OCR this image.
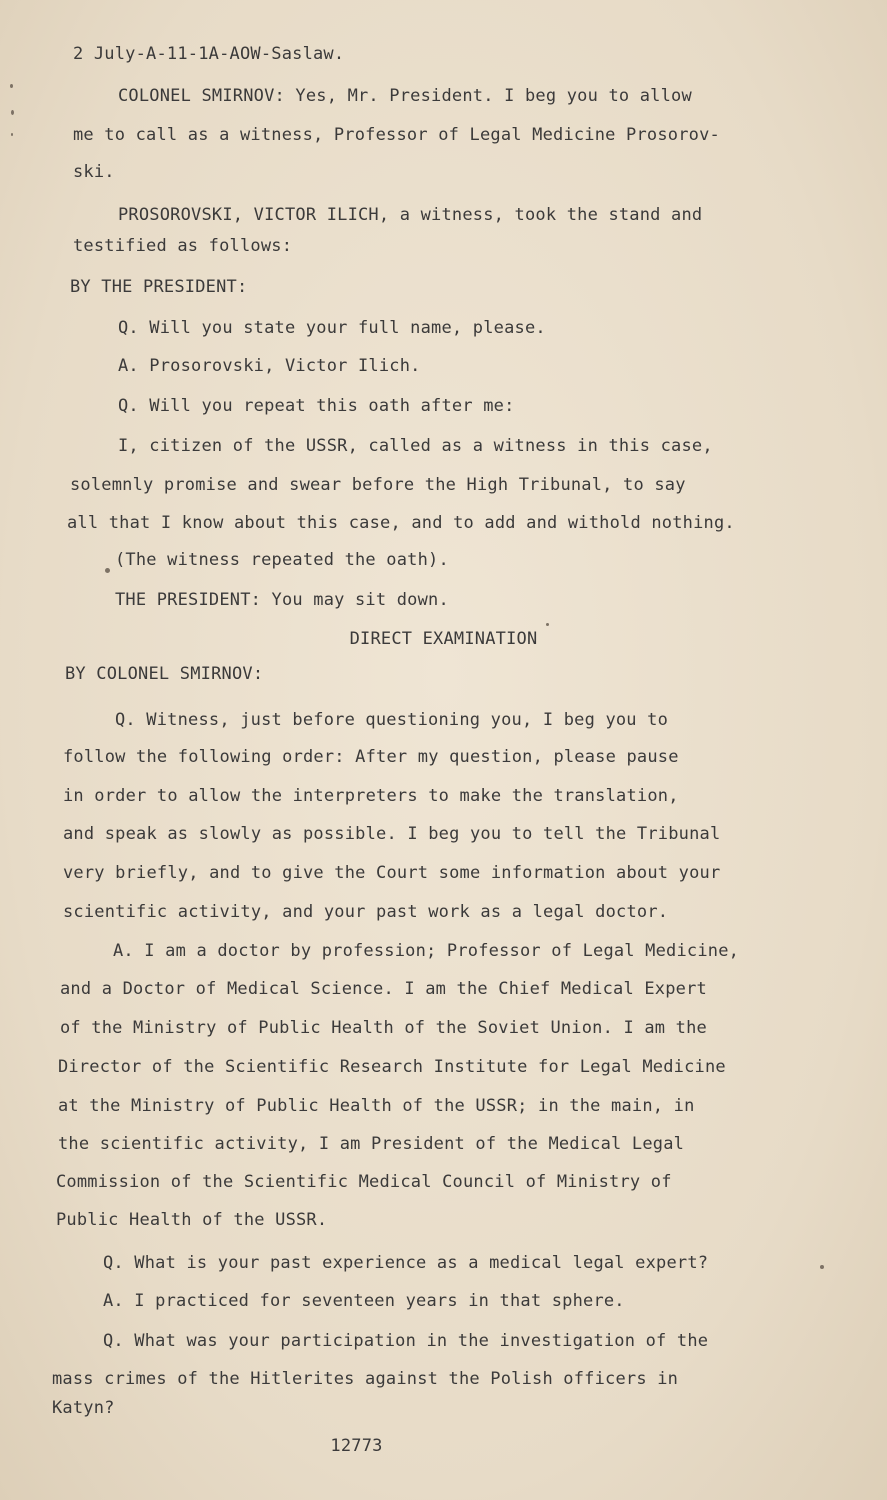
2 July-A-11-1A-AOW-Saslaw.
COLONEL SMIRNOV: Yes, Mr. President. I beg you to allow
me to call as a witness, Professor of Legal Medicine Prosorov-
ski.
PROSOROVSKI, VICTOR ILICH, a witness, took the stand and
testified as follows:
BY THE PRESIDENT:
Q. Will you state your full name, please.
A. Prosorovski, Victor Ilich.
Q. Will you repeat this oath after me:
I, citizen of the USSR, called as a witness in this case,
solemnly promise and swear before the High Tribunal, to say
all that I know about this case, and to add and withold nothing.
(The witness repeated the oath).
THE PRESIDENT: You may sit down.
DIRECT EXAMINATION
BY COLONEL SMIRNOV:
Q. Witness, just before questioning you, I beg you to
follow the following order: After my question, please pause
in order to allow the interpreters to make the translation,
and speak as slowly as possible. I beg you to tell the Tribunal
very briefly, and to give the Court some information about your
scientific activity, and your past work as a legal doctor.
A. I am a doctor by profession; Professor of Legal Medicine,
and a Doctor of Medical Science. I am the Chief Medical Expert
of the Ministry of Public Health of the Soviet Union. I am the
Director of the Scientific Research Institute for Legal Medicine
at the Ministry of Public Health of the USSR; in the main, in
the scientific activity, I am President of the Medical Legal
Commission of the Scientific Medical Council of Ministry of
Public Health of the USSR.
Q. What is your past experience as a medical legal expert?
A. I practiced for seventeen years in that sphere.
Q. What was your participation in the investigation of the
mass crimes of the Hitlerites against the Polish officers in
Katyn?
12773
